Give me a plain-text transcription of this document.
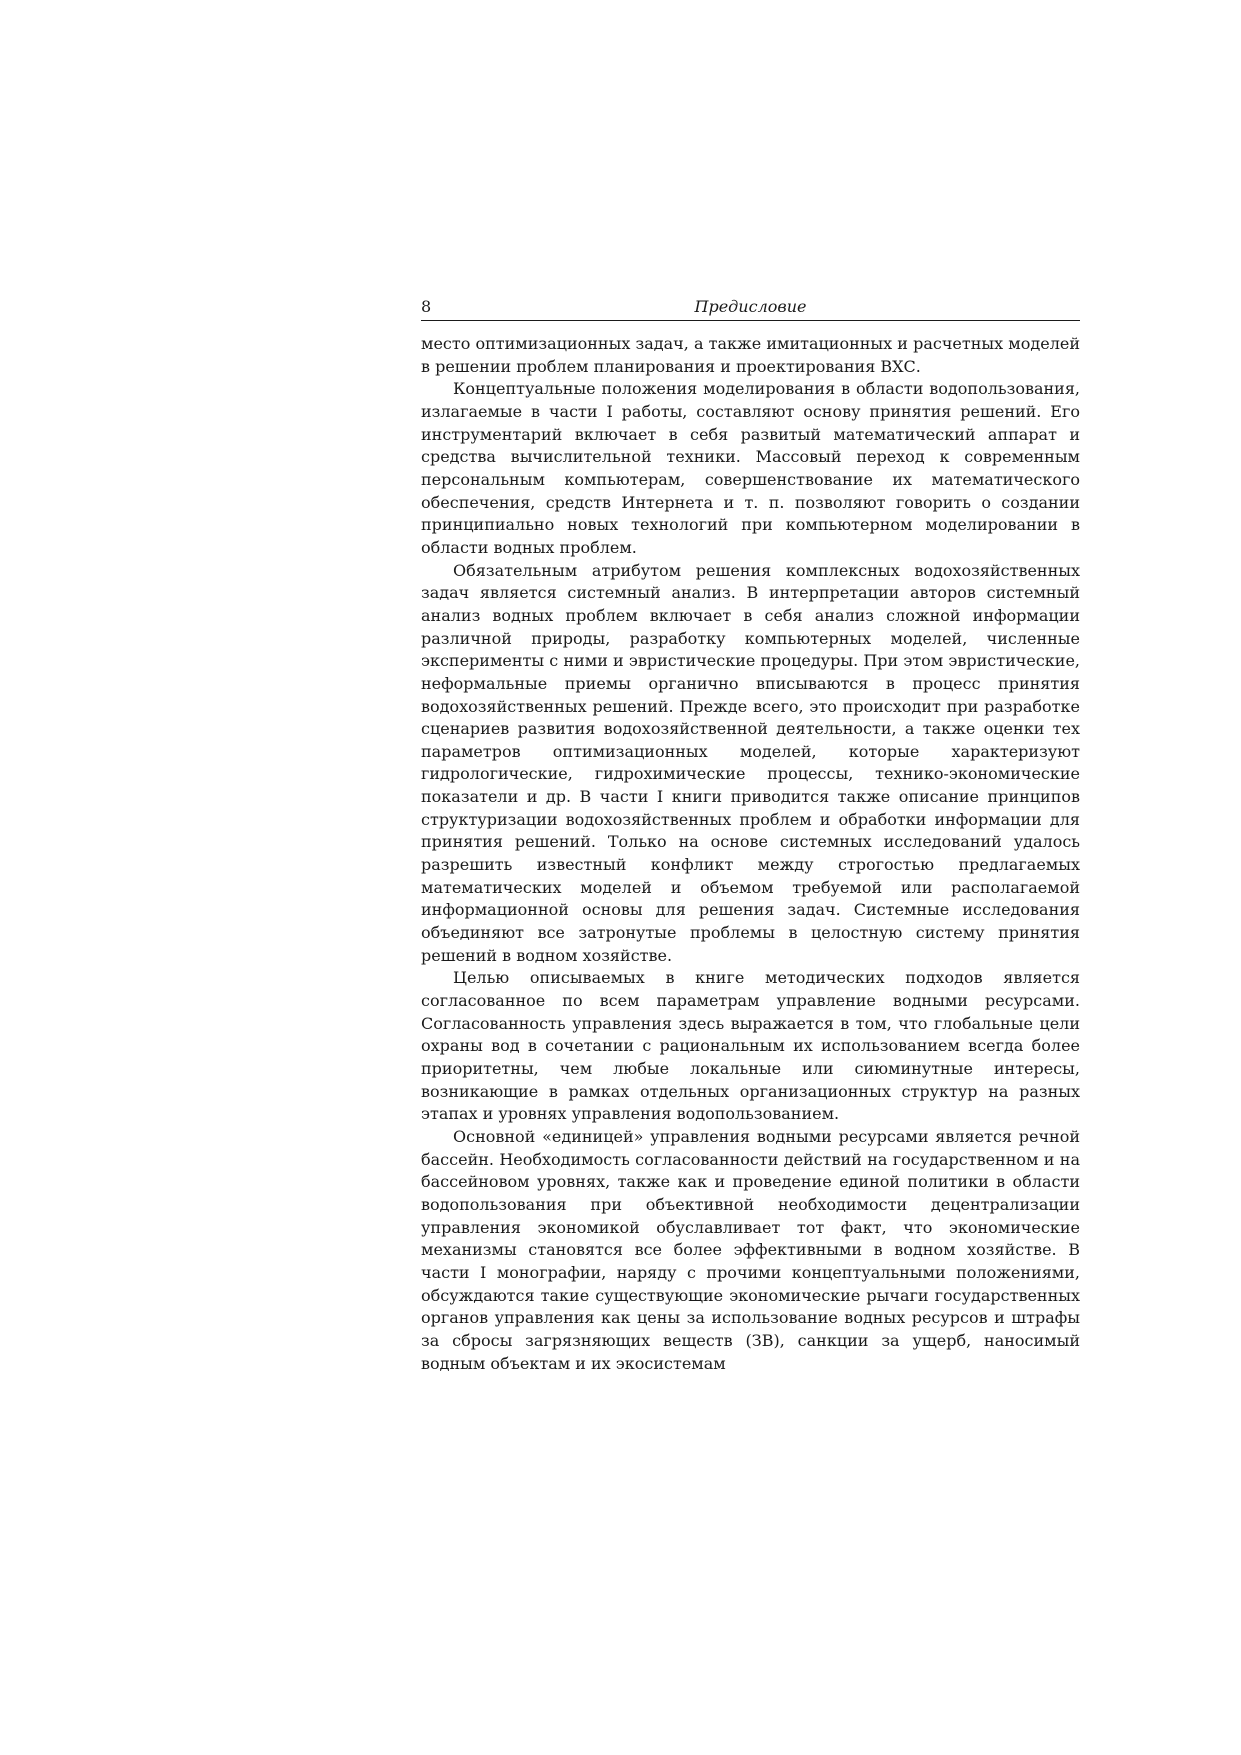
8	Предисловие

место оптимизационных задач, а также имитационных и расчетных моделей в решении проблем планирования и проектирования ВХС.

Концептуальные положения моделирования в области водопользования, излагаемые в части I работы, составляют основу принятия решений. Его инструментарий включает в себя развитый математический аппарат и средства вычислительной техники. Массовый переход к современным персональным компьютерам, совершенствование их математического обеспечения, средств Интернета и т. п. позволяют говорить о создании принципиально новых технологий при компьютерном моделировании в области водных проблем.

Обязательным атрибутом решения комплексных водохозяйственных задач является системный анализ. В интерпретации авторов системный анализ водных проблем включает в себя анализ сложной информации различной природы, разработку компьютерных моделей, численные эксперименты с ними и эвристические процедуры. При этом эвристические, неформальные приемы органично вписываются в процесс принятия водохозяйственных решений. Прежде всего, это происходит при разработке сценариев развития водохозяйственной деятельности, а также оценки тех параметров оптимизационных моделей, которые характеризуют гидрологические, гидрохимические процессы, технико-экономические показатели и др. В части I книги приводится также описание принципов структуризации водохозяйственных проблем и обработки информации для принятия решений. Только на основе системных исследований удалось разрешить известный конфликт между строгостью предлагаемых математических моделей и объемом требуемой или располагаемой информационной основы для решения задач. Системные исследования объединяют все затронутые проблемы в целостную систему принятия решений в водном хозяйстве.

Целью описываемых в книге методических подходов является согласованное по всем параметрам управление водными ресурсами. Согласованность управления здесь выражается в том, что глобальные цели охраны вод в сочетании с рациональным их использованием всегда более приоритетны, чем любые локальные или сиюминутные интересы, возникающие в рамках отдельных организационных структур на разных этапах и уровнях управления водопользованием.

Основной «единицей» управления водными ресурсами является речной бассейн. Необходимость согласованности действий на государственном и на бассейновом уровнях, также как и проведение единой политики в области водопользования при объективной необходимости децентрализации управления экономикой обуславливает тот факт, что экономические механизмы становятся все более эффективными в водном хозяйстве. В части I монографии, наряду с прочими концептуальными положениями, обсуждаются такие существующие экономические рычаги государственных органов управления как цены за использование водных ресурсов и штрафы за сбросы загрязняющих веществ (ЗВ), санкции за ущерб, наносимый водным объектам и их экосистемам
